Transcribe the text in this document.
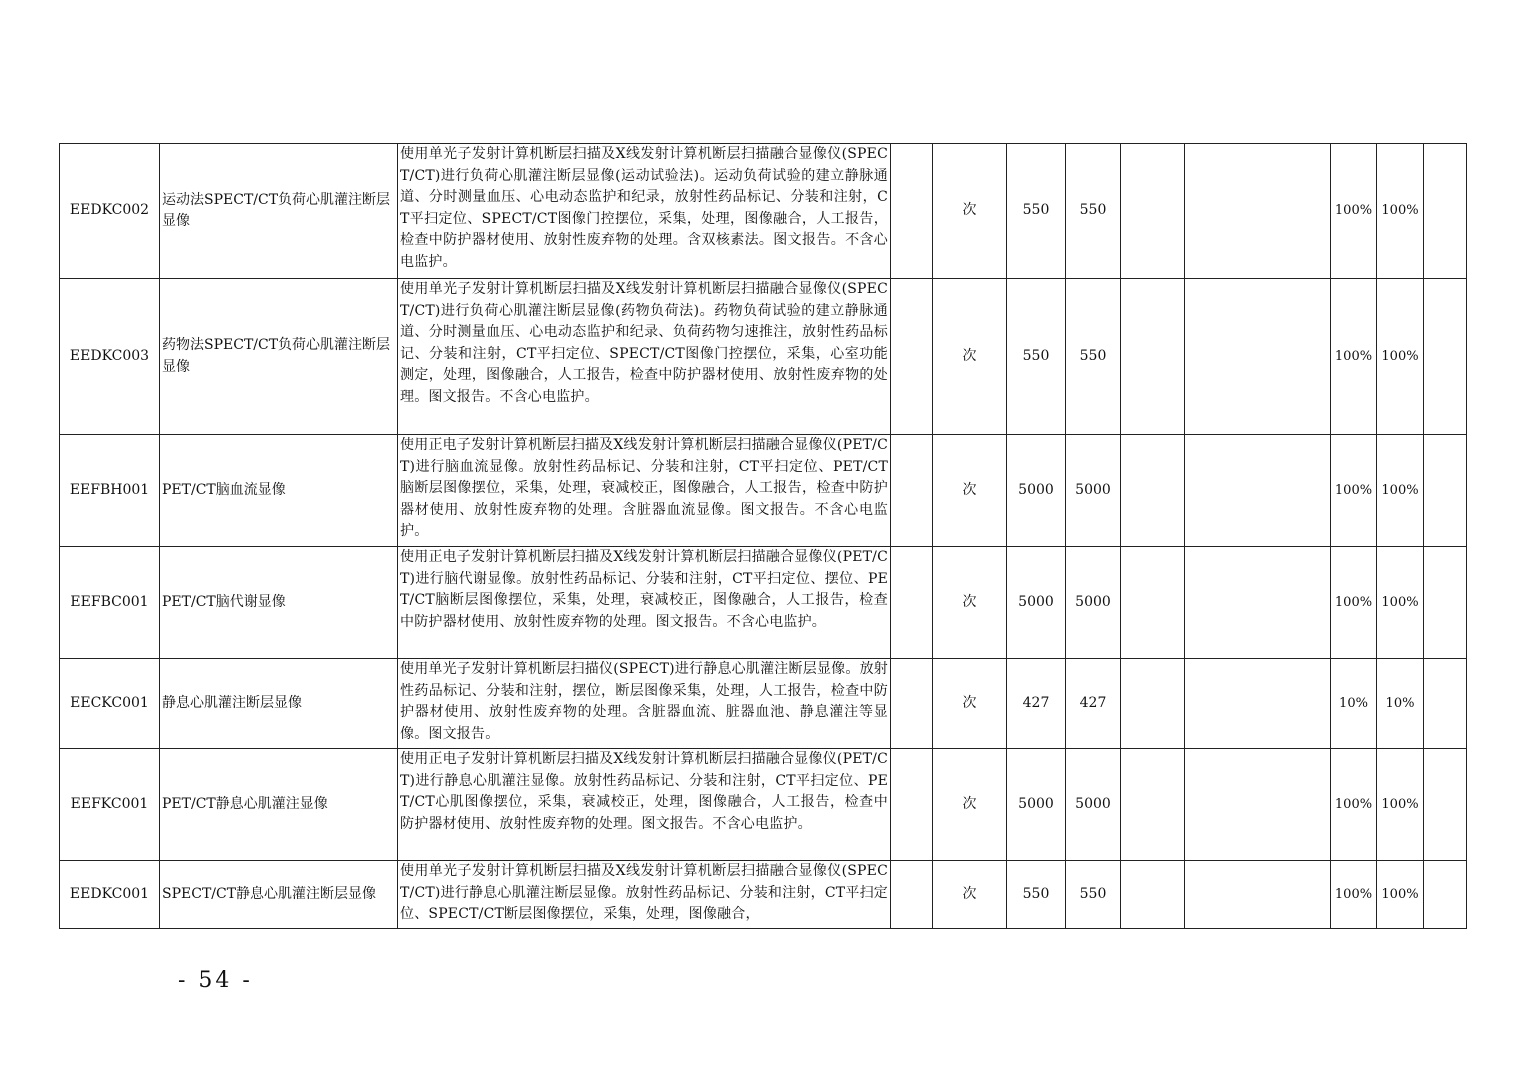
EEDKC002	运动法SPECT/CT负荷心肌灌注断层显像	使用单光子发射计算机断层扫描及X线发射计算机断层扫描融合显像仪(SPECT/CT)进行负荷心肌灌注断层显像(运动试验法)。运动负荷试验的建立静脉通道、分时测量血压、心电动态监护和纪录，放射性药品标记、分装和注射，CT平扫定位、SPECT/CT图像门控摆位，采集，处理，图像融合，人工报告，检查中防护器材使用、放射性废弃物的处理。含双核素法。图文报告。不含心电监护。		次	550	550			100%	100%	
EEDKC003	药物法SPECT/CT负荷心肌灌注断层显像	使用单光子发射计算机断层扫描及X线发射计算机断层扫描融合显像仪(SPECT/CT)进行负荷心肌灌注断层显像(药物负荷法)。药物负荷试验的建立静脉通道、分时测量血压、心电动态监护和纪录、负荷药物匀速推注，放射性药品标记、分装和注射，CT平扫定位、SPECT/CT图像门控摆位，采集，心室功能测定，处理，图像融合，人工报告，检查中防护器材使用、放射性废弃物的处理。图文报告。不含心电监护。		次	550	550			100%	100%	
EEFBH001	PET/CT脑血流显像	使用正电子发射计算机断层扫描及X线发射计算机断层扫描融合显像仪(PET/CT)进行脑血流显像。放射性药品标记、分装和注射，CT平扫定位、PET/CT脑断层图像摆位，采集，处理，衰减校正，图像融合，人工报告，检查中防护器材使用、放射性废弃物的处理。含脏器血流显像。图文报告。不含心电监护。		次	5000	5000			100%	100%	
EEFBC001	PET/CT脑代谢显像	使用正电子发射计算机断层扫描及X线发射计算机断层扫描融合显像仪(PET/CT)进行脑代谢显像。放射性药品标记、分装和注射，CT平扫定位、摆位、PET/CT脑断层图像摆位，采集，处理，衰减校正，图像融合，人工报告，检查中防护器材使用、放射性废弃物的处理。图文报告。不含心电监护。		次	5000	5000			100%	100%	
EECKC001	静息心肌灌注断层显像	使用单光子发射计算机断层扫描仪(SPECT)进行静息心肌灌注断层显像。放射性药品标记、分装和注射，摆位，断层图像采集，处理，人工报告，检查中防护器材使用、放射性废弃物的处理。含脏器血流、脏器血池、静息灌注等显像。图文报告。		次	427	427			10%	10%	
EEFKC001	PET/CT静息心肌灌注显像	使用正电子发射计算机断层扫描及X线发射计算机断层扫描融合显像仪(PET/CT)进行静息心肌灌注显像。放射性药品标记、分装和注射，CT平扫定位、PET/CT心肌图像摆位，采集，衰减校正，处理，图像融合，人工报告，检查中防护器材使用、放射性废弃物的处理。图文报告。不含心电监护。		次	5000	5000			100%	100%	
EEDKC001	SPECT/CT静息心肌灌注断层显像	使用单光子发射计算机断层扫描及X线发射计算机断层扫描融合显像仪(SPECT/CT)进行静息心肌灌注断层显像。放射性药品标记、分装和注射，CT平扫定位、SPECT/CT断层图像摆位，采集，处理，图像融合，		次	550	550			100%	100%	
- 54 -
